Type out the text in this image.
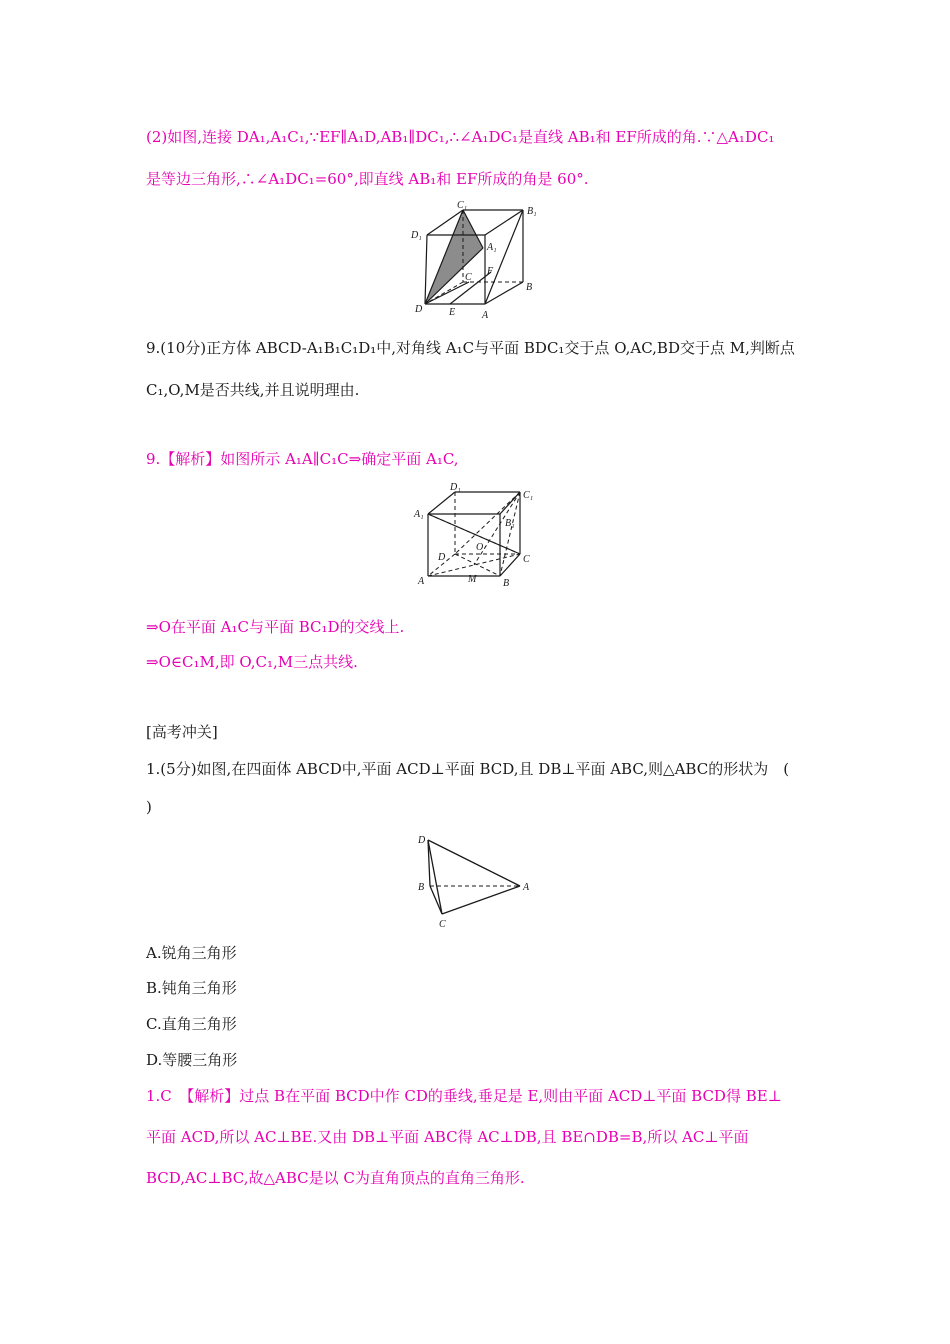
(2)如图,连接 DA₁,A₁C₁,∵EF∥A₁D,AB₁∥DC₁,∴∠A₁DC₁是直线 AB₁和 EF所成的角.∵△A₁DC₁
是等边三角形,∴∠A₁DC₁=60°,即直线 AB₁和 EF所成的角是 60°.
C₁
B₁
D₁
A₁
C
F
B
D	E	A
9.(10分)正方体 ABCD-A₁B₁C₁D₁中,对角线 A₁C与平面 BDC₁交于点 O,AC,BD交于点 M,判断点
C₁,O,M是否共线,并且说明理由.
9.【解析】如图所示 A₁A∥C₁C⇒确定平面 A₁C,
D₁
C₁
A₁
B₁
O
D	C
A	M	B
⇒O在平面 A₁C与平面 BC₁D的交线上.
⇒O∈C₁M,即 O,C₁,M三点共线.
[高考冲关]
1.(5分)如图,在四面体 ABCD中,平面 ACD⊥平面 BCD,且 DB⊥平面 ABC,则△ABC的形状为　(
)
D
B	A
C
A.锐角三角形
B.钝角三角形
C.直角三角形
D.等腰三角形
1.C　【解析】过点 B在平面 BCD中作 CD的垂线,垂足是 E,则由平面 ACD⊥平面 BCD得 BE⊥
平面 ACD,所以 AC⊥BE.又由 DB⊥平面 ABC得 AC⊥DB,且 BE∩DB=B,所以 AC⊥平面
BCD,AC⊥BC,故△ABC是以 C为直角顶点的直角三角形.
